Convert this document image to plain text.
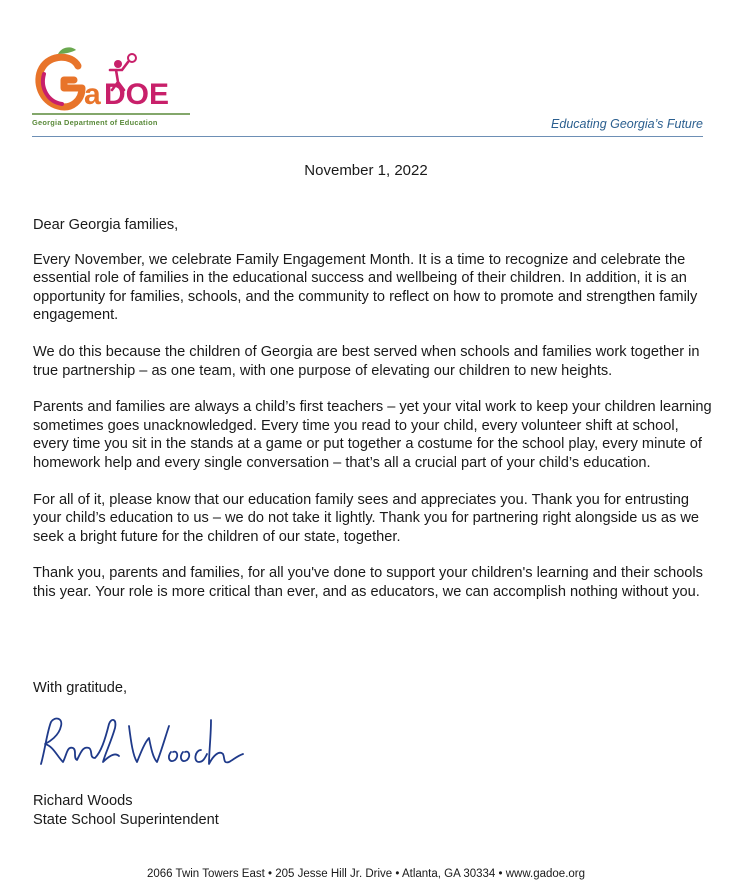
a DOE
Georgia Department of Education	Educating Georgia’s Future
November 1, 2022

Dear Georgia families,

Every November, we celebrate Family Engagement Month. It is a time to recognize and celebrate the essential role of families in the educational success and wellbeing of their children. In addition, it is an opportunity for families, schools, and the community to reflect on how to promote and strengthen family engagement.

We do this because the children of Georgia are best served when schools and families work together in true partnership – as one team, with one purpose of elevating our children to new heights.

Parents and families are always a child’s first teachers – yet your vital work to keep your children learning sometimes goes unacknowledged. Every time you read to your child, every volunteer shift at school, every time you sit in the stands at a game or put together a costume for the school play, every minute of homework help and every single conversation – that’s all a crucial part of your child’s education.

For all of it, please know that our education family sees and appreciates you. Thank you for entrusting your child’s education to us – we do not take it lightly. Thank you for partnering right alongside us as we seek a bright future for the children of our state, together.

Thank you, parents and families, for all you've done to support your children's learning and their schools this year. Your role is more critical than ever, and as educators, we can accomplish nothing without you.

With gratitude,
Richard Woods
State School Superintendent
2066 Twin Towers East • 205 Jesse Hill Jr. Drive • Atlanta, GA 30334 • www.gadoe.org
